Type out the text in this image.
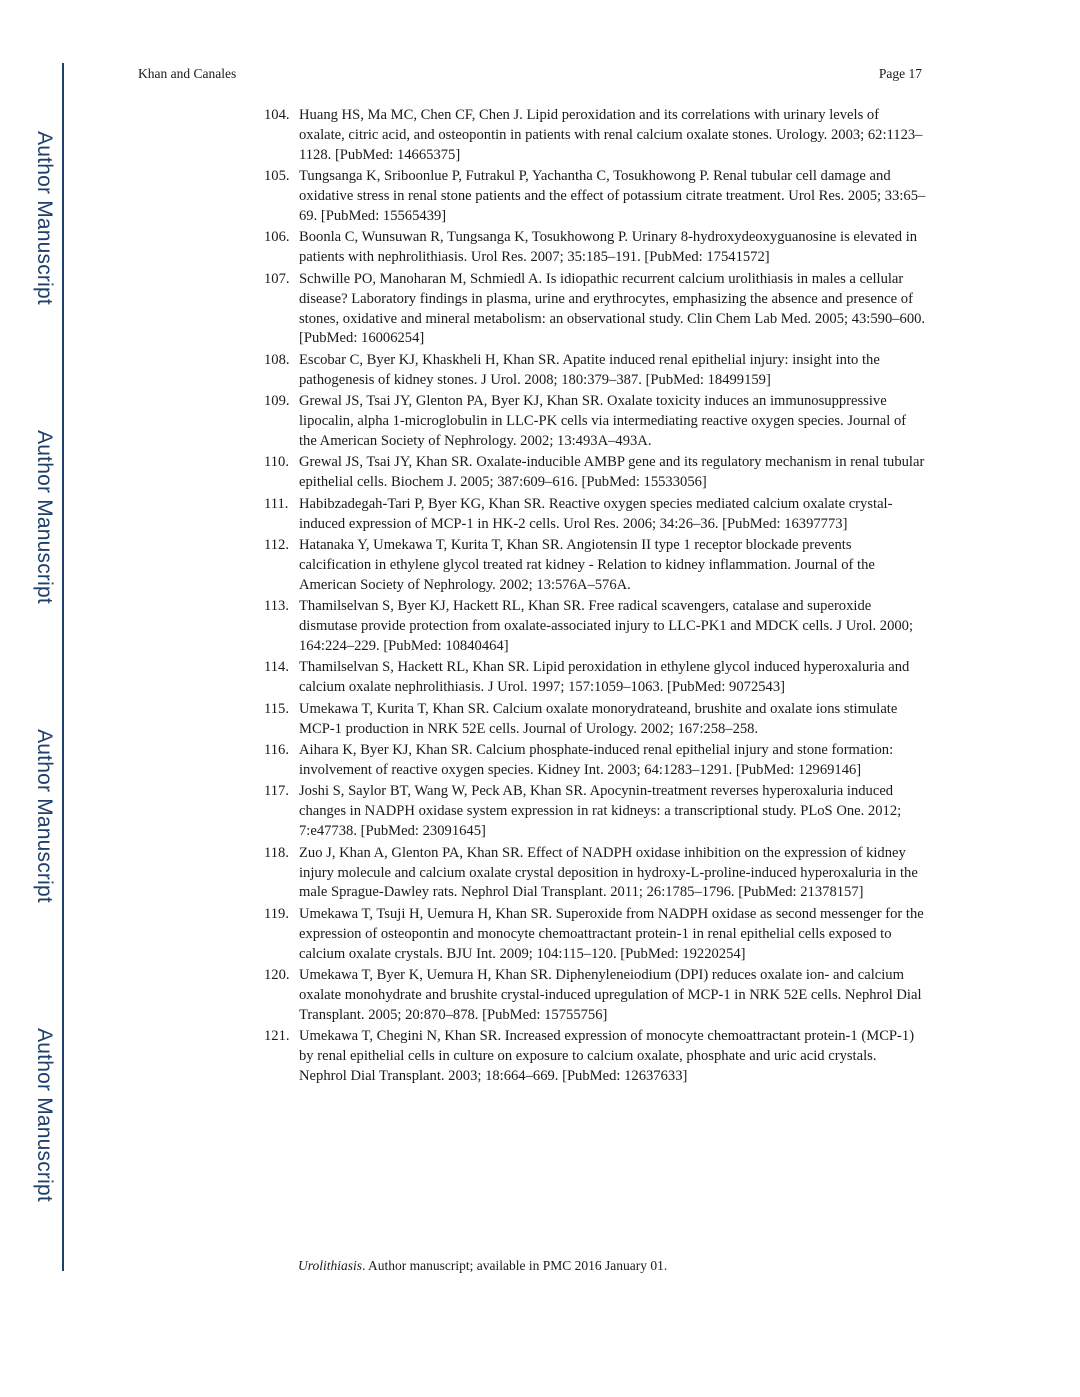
Author Manuscript
Author Manuscript
Author Manuscript
Author Manuscript
Khan and Canales	Page 17
104. Huang HS, Ma MC, Chen CF, Chen J. Lipid peroxidation and its correlations with urinary levels of oxalate, citric acid, and osteopontin in patients with renal calcium oxalate stones. Urology. 2003; 62:1123–1128. [PubMed: 14665375]
105. Tungsanga K, Sriboonlue P, Futrakul P, Yachantha C, Tosukhowong P. Renal tubular cell damage and oxidative stress in renal stone patients and the effect of potassium citrate treatment. Urol Res. 2005; 33:65–69. [PubMed: 15565439]
106. Boonla C, Wunsuwan R, Tungsanga K, Tosukhowong P. Urinary 8-hydroxydeoxyguanosine is elevated in patients with nephrolithiasis. Urol Res. 2007; 35:185–191. [PubMed: 17541572]
107. Schwille PO, Manoharan M, Schmiedl A. Is idiopathic recurrent calcium urolithiasis in males a cellular disease? Laboratory findings in plasma, urine and erythrocytes, emphasizing the absence and presence of stones, oxidative and mineral metabolism: an observational study. Clin Chem Lab Med. 2005; 43:590–600. [PubMed: 16006254]
108. Escobar C, Byer KJ, Khaskheli H, Khan SR. Apatite induced renal epithelial injury: insight into the pathogenesis of kidney stones. J Urol. 2008; 180:379–387. [PubMed: 18499159]
109. Grewal JS, Tsai JY, Glenton PA, Byer KJ, Khan SR. Oxalate toxicity induces an immunosuppressive lipocalin, alpha 1-microglobulin in LLC-PK cells via intermediating reactive oxygen species. Journal of the American Society of Nephrology. 2002; 13:493A–493A.
110. Grewal JS, Tsai JY, Khan SR. Oxalate-inducible AMBP gene and its regulatory mechanism in renal tubular epithelial cells. Biochem J. 2005; 387:609–616. [PubMed: 15533056]
111. Habibzadegah-Tari P, Byer KG, Khan SR. Reactive oxygen species mediated calcium oxalate crystal-induced expression of MCP-1 in HK-2 cells. Urol Res. 2006; 34:26–36. [PubMed: 16397773]
112. Hatanaka Y, Umekawa T, Kurita T, Khan SR. Angiotensin II type 1 receptor blockade prevents calcification in ethylene glycol treated rat kidney - Relation to kidney inflammation. Journal of the American Society of Nephrology. 2002; 13:576A–576A.
113. Thamilselvan S, Byer KJ, Hackett RL, Khan SR. Free radical scavengers, catalase and superoxide dismutase provide protection from oxalate-associated injury to LLC-PK1 and MDCK cells. J Urol. 2000; 164:224–229. [PubMed: 10840464]
114. Thamilselvan S, Hackett RL, Khan SR. Lipid peroxidation in ethylene glycol induced hyperoxaluria and calcium oxalate nephrolithiasis. J Urol. 1997; 157:1059–1063. [PubMed: 9072543]
115. Umekawa T, Kurita T, Khan SR. Calcium oxalate monorydrateand, brushite and oxalate ions stimulate MCP-1 production in NRK 52E cells. Journal of Urology. 2002; 167:258–258.
116. Aihara K, Byer KJ, Khan SR. Calcium phosphate-induced renal epithelial injury and stone formation: involvement of reactive oxygen species. Kidney Int. 2003; 64:1283–1291. [PubMed: 12969146]
117. Joshi S, Saylor BT, Wang W, Peck AB, Khan SR. Apocynin-treatment reverses hyperoxaluria induced changes in NADPH oxidase system expression in rat kidneys: a transcriptional study. PLoS One. 2012; 7:e47738. [PubMed: 23091645]
118. Zuo J, Khan A, Glenton PA, Khan SR. Effect of NADPH oxidase inhibition on the expression of kidney injury molecule and calcium oxalate crystal deposition in hydroxy-L-proline-induced hyperoxaluria in the male Sprague-Dawley rats. Nephrol Dial Transplant. 2011; 26:1785–1796. [PubMed: 21378157]
119. Umekawa T, Tsuji H, Uemura H, Khan SR. Superoxide from NADPH oxidase as second messenger for the expression of osteopontin and monocyte chemoattractant protein-1 in renal epithelial cells exposed to calcium oxalate crystals. BJU Int. 2009; 104:115–120. [PubMed: 19220254]
120. Umekawa T, Byer K, Uemura H, Khan SR. Diphenyleneiodium (DPI) reduces oxalate ion- and calcium oxalate monohydrate and brushite crystal-induced upregulation of MCP-1 in NRK 52E cells. Nephrol Dial Transplant. 2005; 20:870–878. [PubMed: 15755756]
121. Umekawa T, Chegini N, Khan SR. Increased expression of monocyte chemoattractant protein-1 (MCP-1) by renal epithelial cells in culture on exposure to calcium oxalate, phosphate and uric acid crystals. Nephrol Dial Transplant. 2003; 18:664–669. [PubMed: 12637633]
Urolithiasis. Author manuscript; available in PMC 2016 January 01.
